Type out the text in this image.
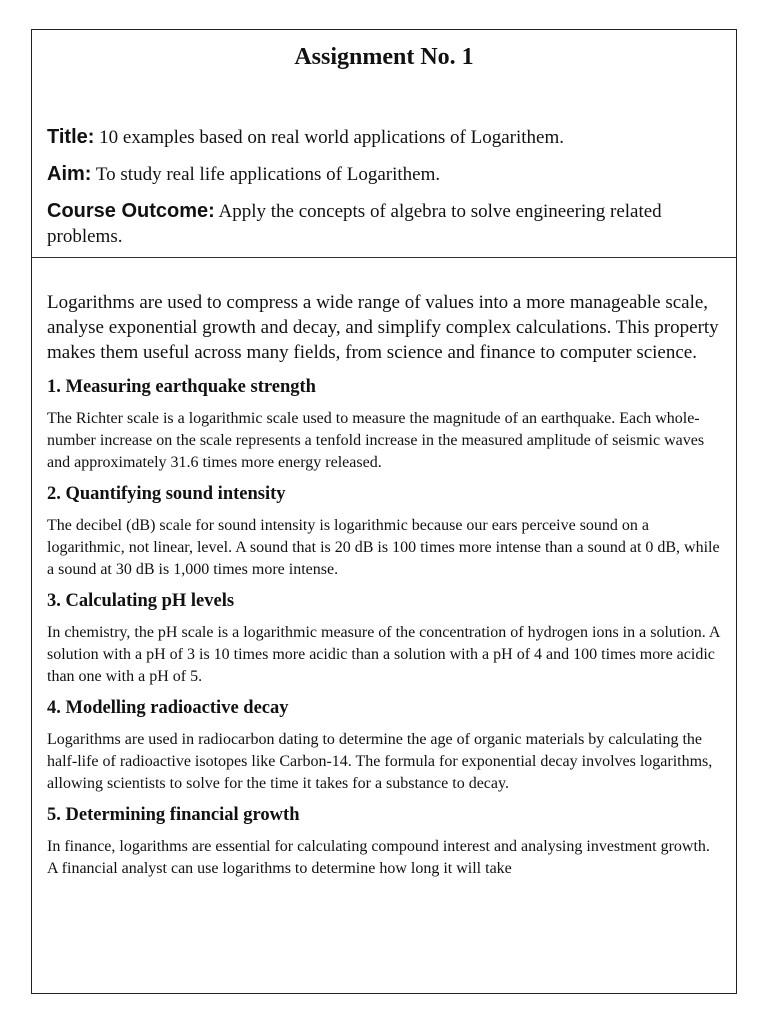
Assignment No. 1
Title: 10 examples based on real world applications of Logarithem.
Aim: To study real life applications of Logarithem.
Course Outcome: Apply the concepts of algebra to solve engineering related problems.

Logarithms are used to compress a wide range of values into a more manageable scale, analyse exponential growth and decay, and simplify complex calculations. This property makes them useful across many fields, from science and finance to computer science.

1. Measuring earthquake strength

The Richter scale is a logarithmic scale used to measure the magnitude of an earthquake. Each whole-number increase on the scale represents a tenfold increase in the measured amplitude of seismic waves and approximately 31.6 times more energy released.

2. Quantifying sound intensity

The decibel (dB) scale for sound intensity is logarithmic because our ears perceive sound on a logarithmic, not linear, level. A sound that is 20 dB is 100 times more intense than a sound at 0 dB, while a sound at 30 dB is 1,000 times more intense.

3. Calculating pH levels

In chemistry, the pH scale is a logarithmic measure of the concentration of hydrogen ions in a solution. A solution with a pH of 3 is 10 times more acidic than a solution with a pH of 4 and 100 times more acidic than one with a pH of 5.

4. Modelling radioactive decay

Logarithms are used in radiocarbon dating to determine the age of organic materials by calculating the half-life of radioactive isotopes like Carbon-14. The formula for exponential decay involves logarithms, allowing scientists to solve for the time it takes for a substance to decay.

5. Determining financial growth

In finance, logarithms are essential for calculating compound interest and analysing investment growth. A financial analyst can use logarithms to determine how long it will take
